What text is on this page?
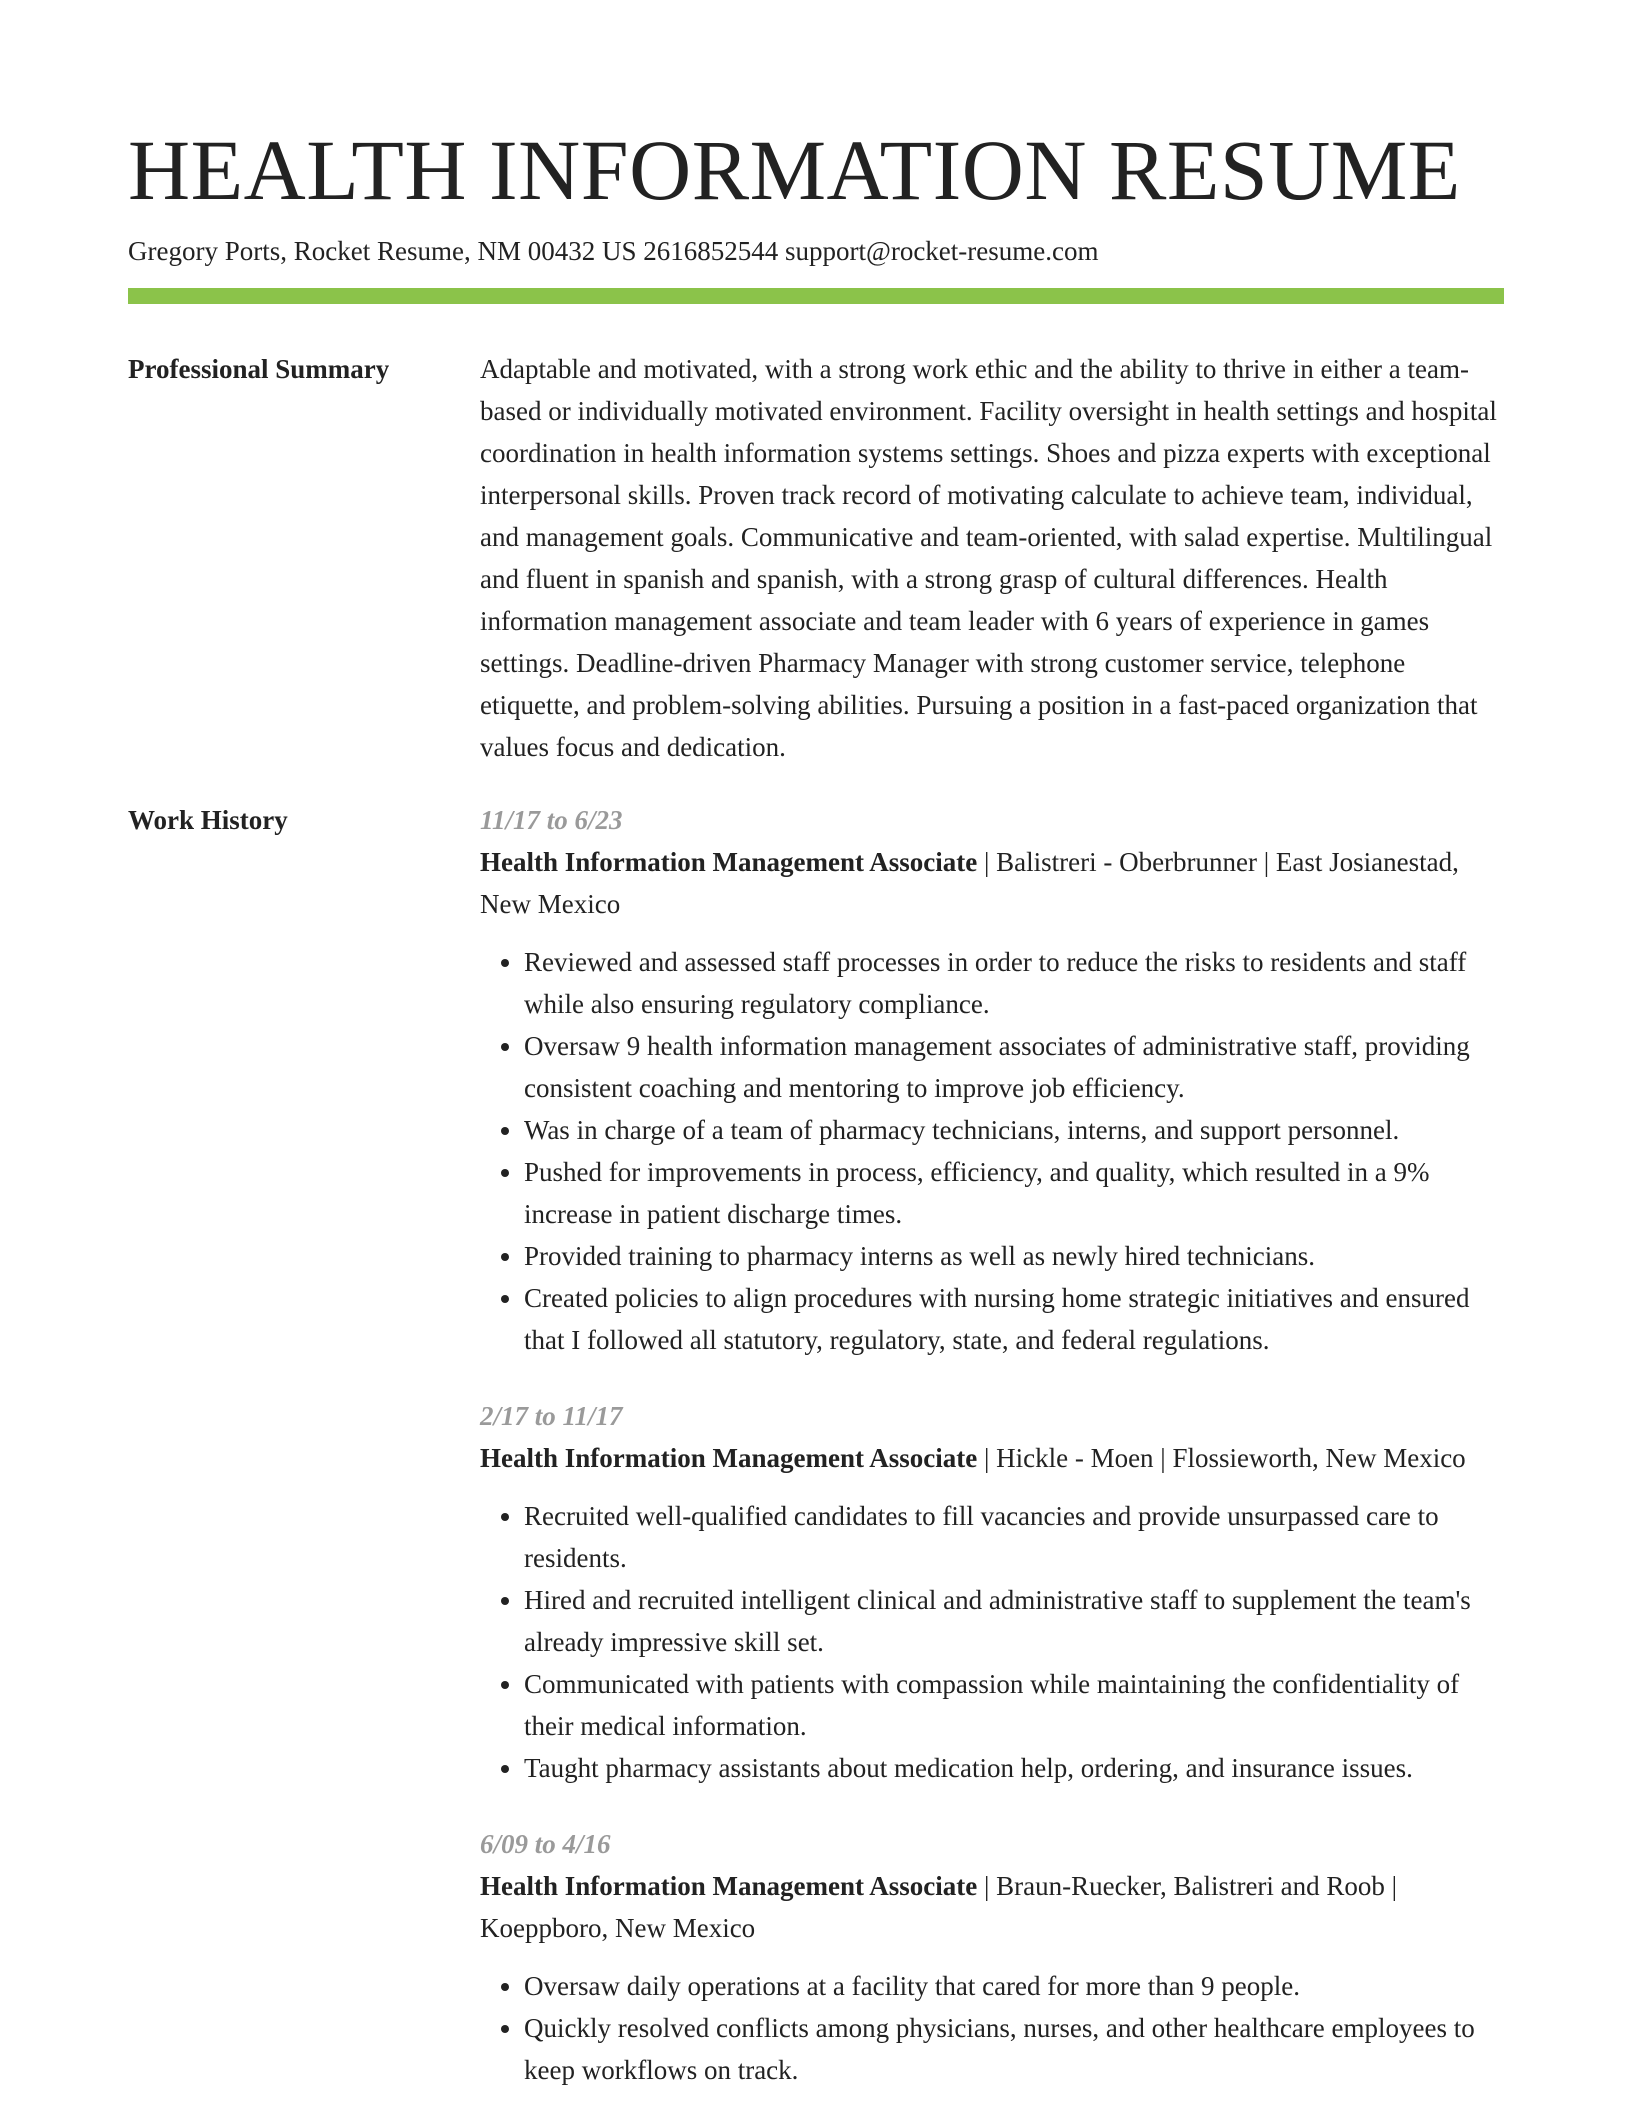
HEALTH INFORMATION RESUME
Gregory Ports, Rocket Resume, NM 00432 US 2616852544 support@rocket-resume.com
Professional Summary	Adaptable and motivated, with a strong work ethic and the ability to thrive in either a team-based or individually motivated environment. Facility oversight in health settings and hospital coordination in health information systems settings. Shoes and pizza experts with exceptional interpersonal skills. Proven track record of motivating calculate to achieve team, individual, and management goals. Communicative and team-oriented, with salad expertise. Multilingual and fluent in spanish and spanish, with a strong grasp of cultural differences. Health information management associate and team leader with 6 years of experience in games settings. Deadline-driven Pharmacy Manager with strong customer service, telephone etiquette, and problem-solving abilities. Pursuing a position in a fast-paced organization that values focus and dedication.

Work History	11/17 to 6/23
Health Information Management Associate | Balistreri - Oberbrunner | East Josianestad, New Mexico
• Reviewed and assessed staff processes in order to reduce the risks to residents and staff while also ensuring regulatory compliance.
• Oversaw 9 health information management associates of administrative staff, providing consistent coaching and mentoring to improve job efficiency.
• Was in charge of a team of pharmacy technicians, interns, and support personnel.
• Pushed for improvements in process, efficiency, and quality, which resulted in a 9% increase in patient discharge times.
• Provided training to pharmacy interns as well as newly hired technicians.
• Created policies to align procedures with nursing home strategic initiatives and ensured that I followed all statutory, regulatory, state, and federal regulations.
2/17 to 11/17
Health Information Management Associate | Hickle - Moen | Flossieworth, New Mexico
• Recruited well-qualified candidates to fill vacancies and provide unsurpassed care to residents.
• Hired and recruited intelligent clinical and administrative staff to supplement the team's already impressive skill set.
• Communicated with patients with compassion while maintaining the confidentiality of their medical information.
• Taught pharmacy assistants about medication help, ordering, and insurance issues.
6/09 to 4/16
Health Information Management Associate | Braun-Ruecker, Balistreri and Roob | Koeppboro, New Mexico
• Oversaw daily operations at a facility that cared for more than 9 people.
• Quickly resolved conflicts among physicians, nurses, and other healthcare employees to keep workflows on track.
